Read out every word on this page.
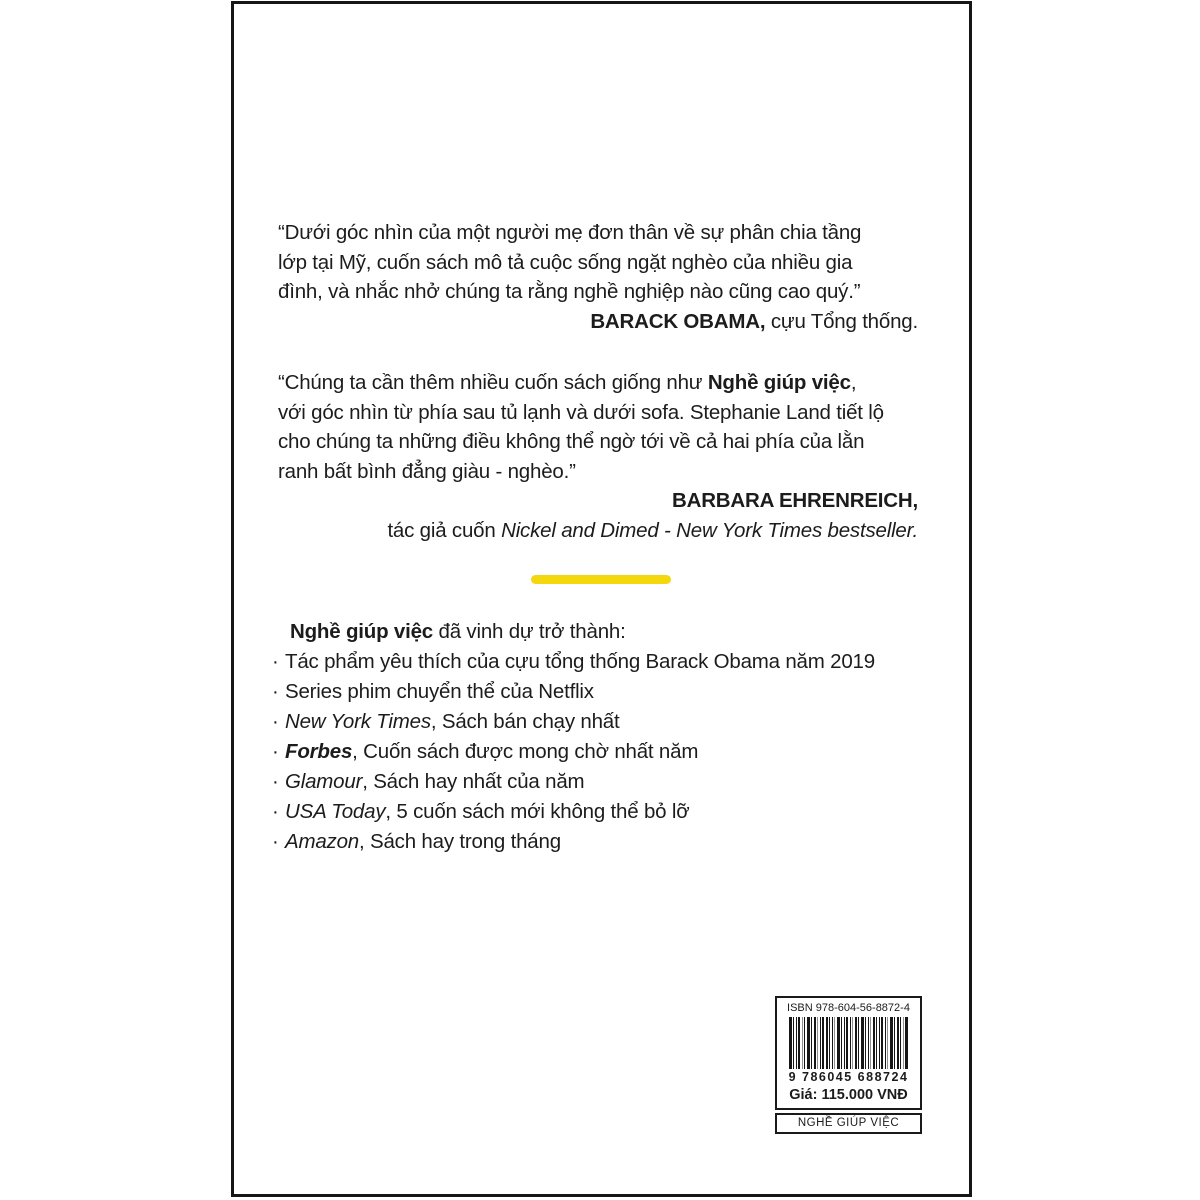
“Dưới góc nhìn của một người mẹ đơn thân về sự phân chia tầng
lớp tại Mỹ, cuốn sách mô tả cuộc sống ngặt nghèo của nhiều gia
đình, và nhắc nhở chúng ta rằng nghề nghiệp nào cũng cao quý.”
BARACK OBAMA, cựu Tổng thống.
“Chúng ta cần thêm nhiều cuốn sách giống như Nghề giúp việc,
với góc nhìn từ phía sau tủ lạnh và dưới sofa. Stephanie Land tiết lộ
cho chúng ta những điều không thể ngờ tới về cả hai phía của lằn
ranh bất bình đẳng giàu - nghèo.”
BARBARA EHRENREICH,
tác giả cuốn Nickel and Dimed - New York Times bestseller.
Nghề giúp việc đã vinh dự trở thành:
· Tác phẩm yêu thích của cựu tổng thống Barack Obama năm 2019
· Series phim chuyển thể của Netflix
· New York Times, Sách bán chạy nhất
· Forbes, Cuốn sách được mong chờ nhất năm
· Glamour, Sách hay nhất của năm
· USA Today, 5 cuốn sách mới không thể bỏ lỡ
· Amazon, Sách hay trong tháng
ISBN 978-604-56-8872-4
9 786045 688724
Giá: 115.000 VNĐ
NGHỀ GIÚP VIỆC
